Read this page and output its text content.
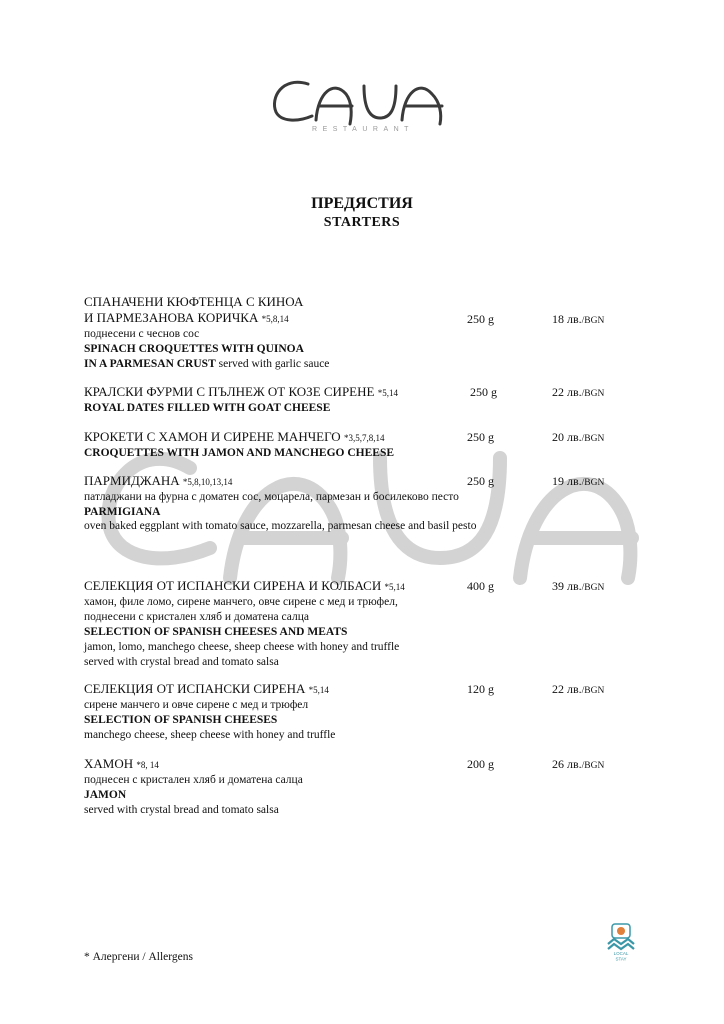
RESTAURANT
ПРЕДЯСТИЯ
STARTERS
СПАНАЧЕНИ КЮФТЕНЦА С КИНОА
И ПАРМЕЗАНОВА КОРИЧКА *5,8,14
поднесени с чеснов сос
SPINACH CROQUETTES WITH QUINOA
IN A PARMESAN CRUST served with garlic sauce
250 g	18 лв./BGN
КРАЛСКИ ФУРМИ С ПЪЛНЕЖ ОТ КОЗЕ СИРЕНЕ *5,14
ROYAL DATES FILLED WITH GOAT CHEESE
250 g	22 лв./BGN
КРОКЕТИ С ХАМОН И СИРЕНЕ МАНЧЕГО *3,5,7,8,14
CROQUETTES WITH JAMON AND MANCHEGO CHEESE
250 g	20 лв./BGN
ПАРМИДЖАНА *5,8,10,13,14
патладжани на фурна с доматен сос, моцарела, пармезан и босилеково песто
PARMIGIANA
oven baked eggplant with tomato sauce, mozzarella, parmesan cheese and basil pesto
250 g	19 лв./BGN
СЕЛЕКЦИЯ ОТ ИСПАНСКИ СИРЕНА И КОЛБАСИ *5,14
хамон, филе ломо, сирене манчего, овче сирене с мед и трюфел,
поднесени с кристален хляб и доматена салца
SELECTION OF SPANISH CHEESES AND MEATS
jamon, lomo, manchego cheese, sheep cheese with honey and truffle
served with crystal bread and tomato salsa
400 g	39 лв./BGN
СЕЛЕКЦИЯ ОТ ИСПАНСКИ СИРЕНА *5,14
сирене манчего и овче сирене с мед и трюфел
SELECTION OF SPANISH CHEESES
manchego cheese, sheep cheese with honey and truffle
120 g	22 лв./BGN
ХАМОН *8, 14
поднесен с кристален хляб и доматена салца
JAMON
served with crystal bread and tomato salsa
200 g	26 лв./BGN
* Алергени / Allergens	LOCAL
STAY
